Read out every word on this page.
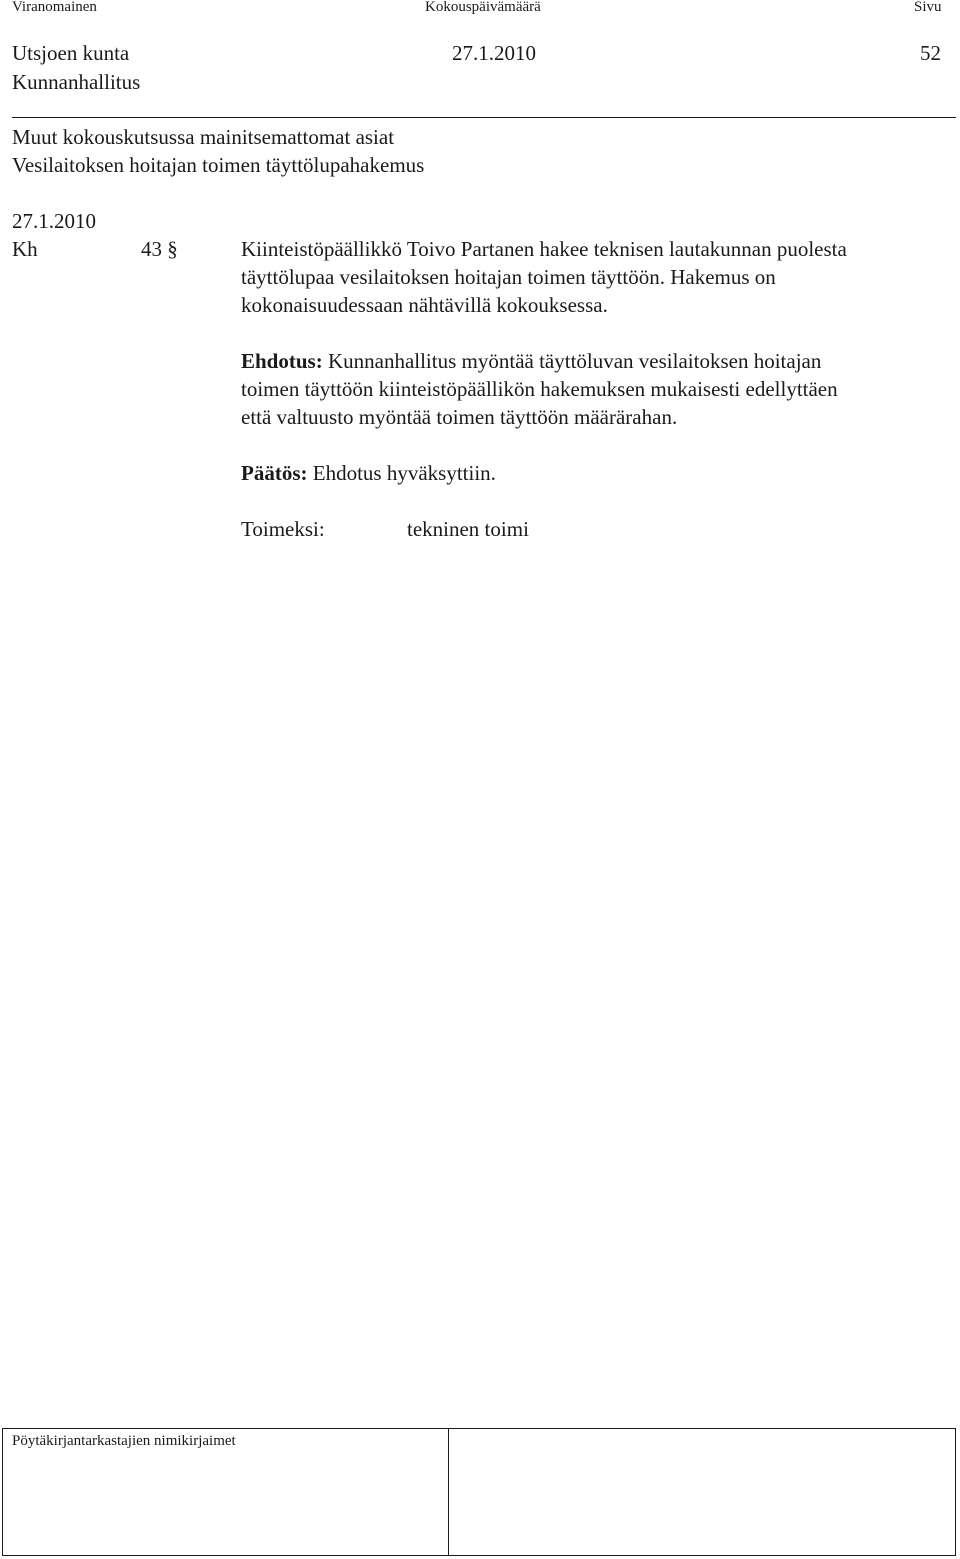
Viranomainen	Kokouspäivämäärä	Sivu
Utsjoen kunta	27.1.2010	52
Kunnanhallitus
Muut kokouskutsussa mainitsemattomat asiat
Vesilaitoksen hoitajan toimen täyttölupahakemus
27.1.2010
Kh	43 §	Kiinteistöpäällikkö Toivo Partanen hakee teknisen lautakunnan puolesta

täyttölupaa vesilaitoksen hoitajan toimen täyttöön. Hakemus on

kokonaisuudessaan nähtävillä kokouksessa.

Ehdotus: Kunnanhallitus myöntää täyttöluvan vesilaitoksen hoitajan

toimen täyttöön kiinteistöpäällikön hakemuksen mukaisesti edellyttäen

että valtuusto myöntää toimen täyttöön määrärahan.

Päätös: Ehdotus hyväksyttiin.

Toimeksi:	tekninen toimi
Pöytäkirjantarkastajien nimikirjaimet
